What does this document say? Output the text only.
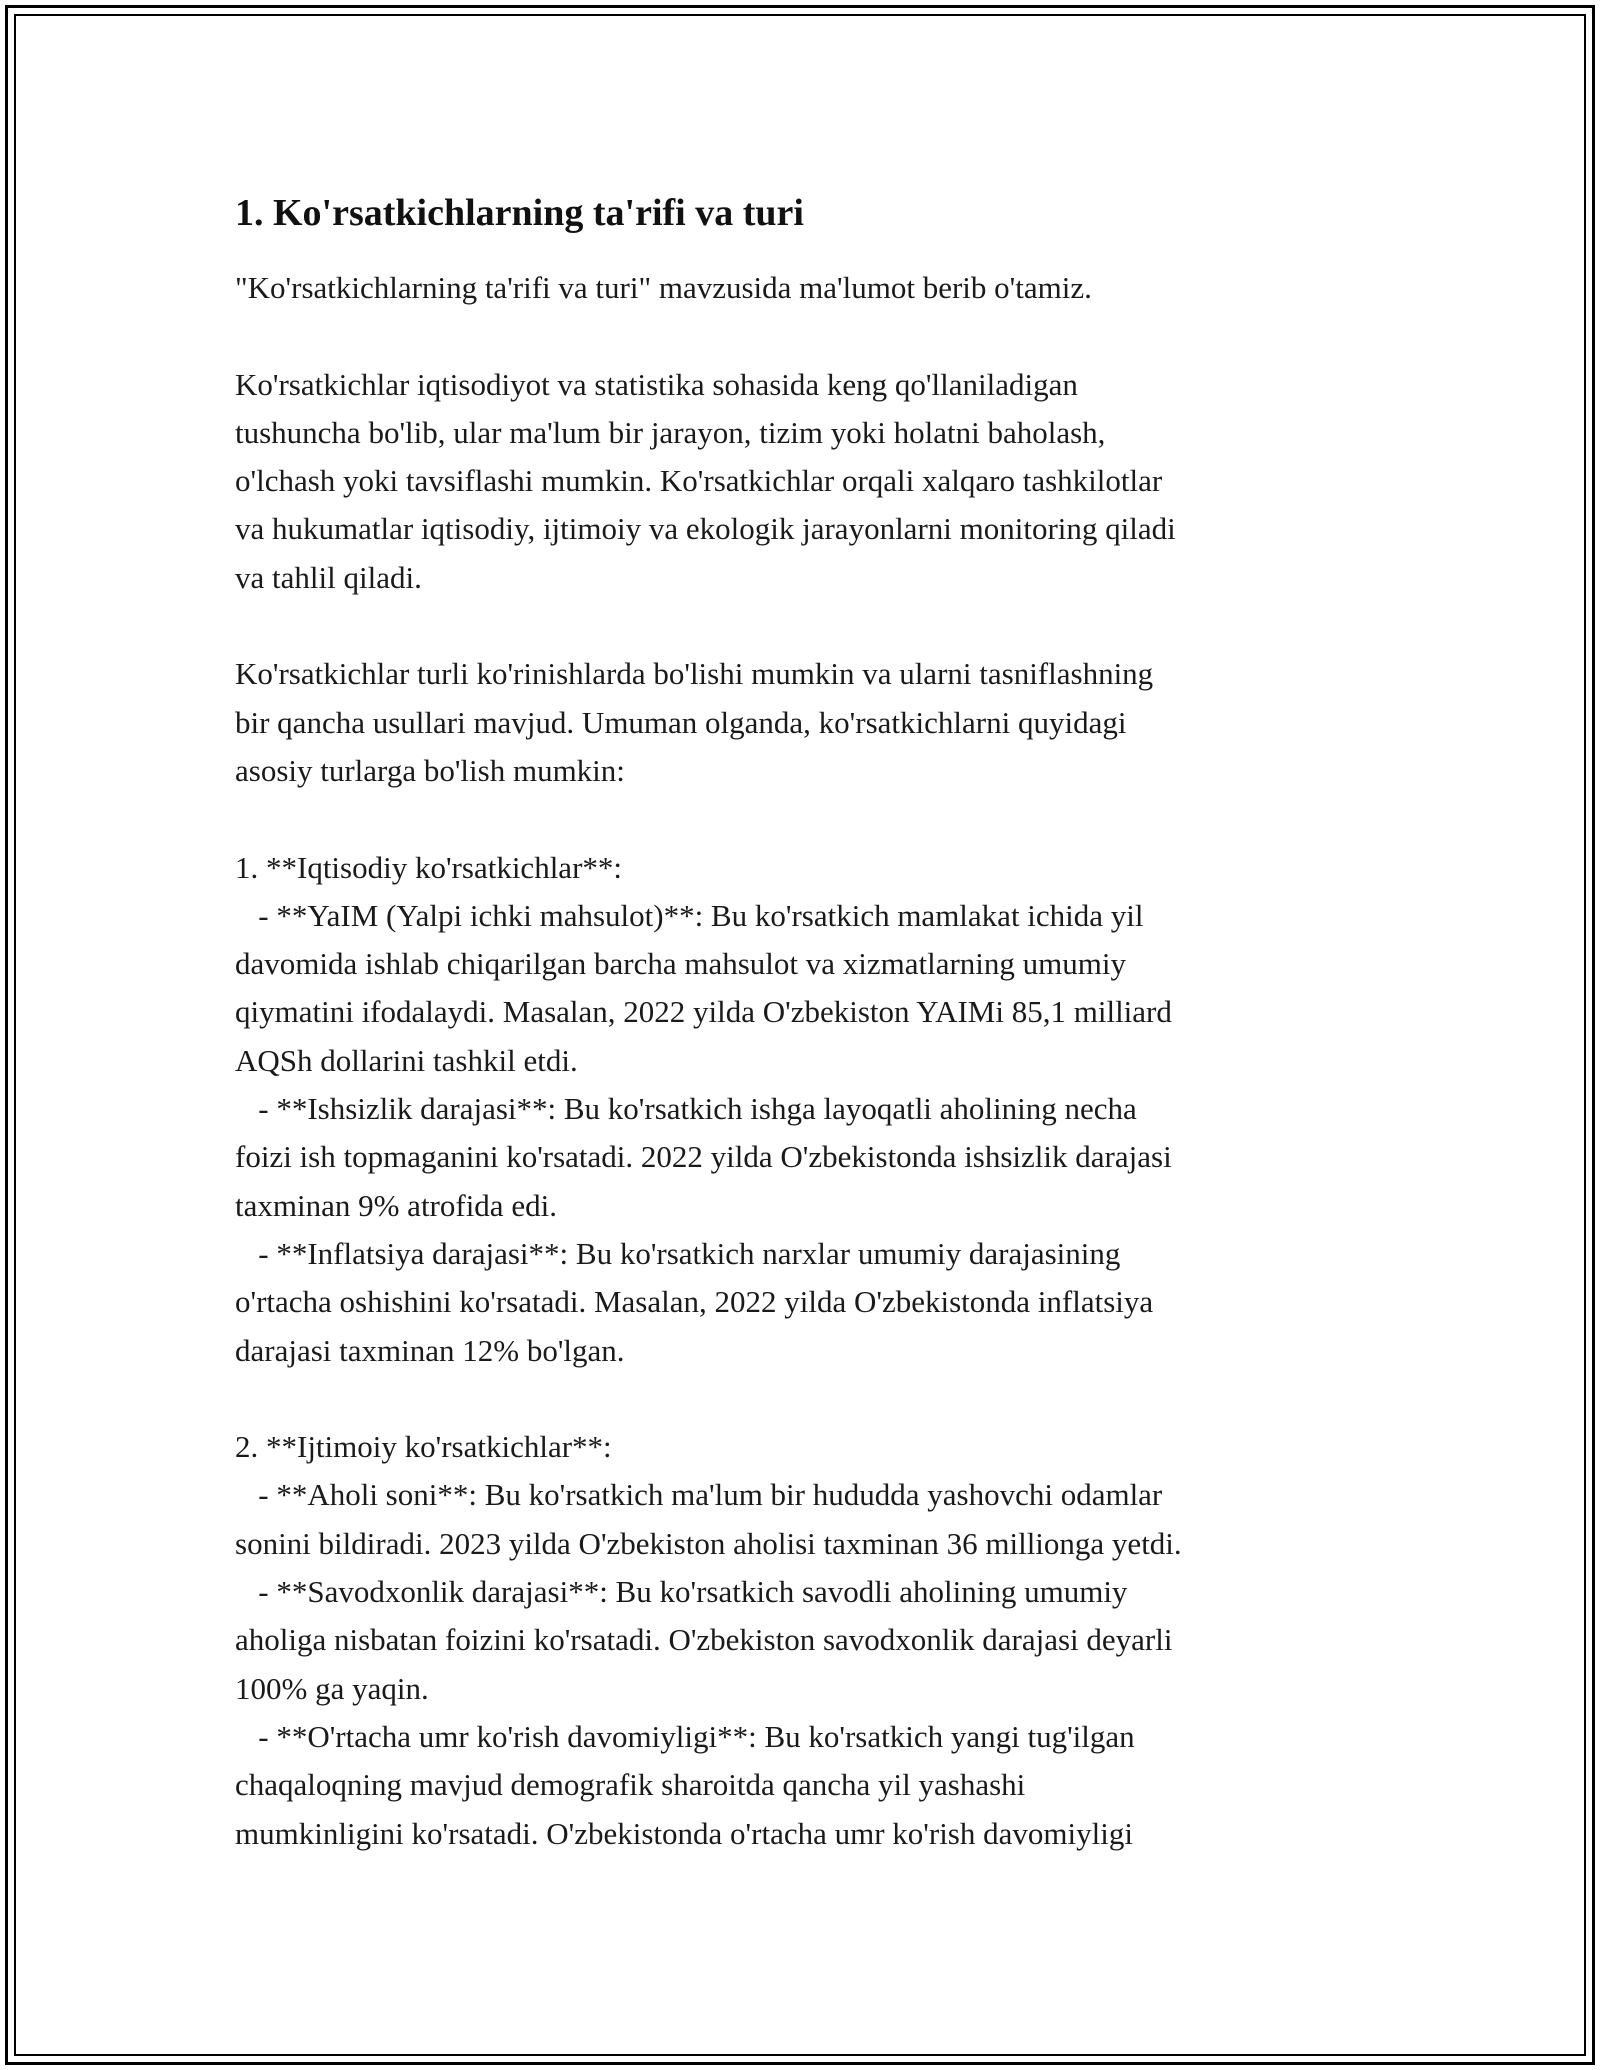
1. Ko'rsatkichlarning ta'rifi va turi
"Ko'rsatkichlarning ta'rifi va turi" mavzusida ma'lumot berib o'tamiz.
Ko'rsatkichlar iqtisodiyot va statistika sohasida keng qo'llaniladigan
tushuncha bo'lib, ular ma'lum bir jarayon, tizim yoki holatni baholash,
o'lchash yoki tavsiflashi mumkin. Ko'rsatkichlar orqali xalqaro tashkilotlar
va hukumatlar iqtisodiy, ijtimoiy va ekologik jarayonlarni monitoring qiladi
va tahlil qiladi.
Ko'rsatkichlar turli ko'rinishlarda bo'lishi mumkin va ularni tasniflashning
bir qancha usullari mavjud. Umuman olganda, ko'rsatkichlarni quyidagi
asosiy turlarga bo'lish mumkin:
1. **Iqtisodiy ko'rsatkichlar**:
- **YaIM (Yalpi ichki mahsulot)**: Bu ko'rsatkich mamlakat ichida yil
davomida ishlab chiqarilgan barcha mahsulot va xizmatlarning umumiy
qiymatini ifodalaydi. Masalan, 2022 yilda O'zbekiston YAIMi 85,1 milliard
AQSh dollarini tashkil etdi.
- **Ishsizlik darajasi**: Bu ko'rsatkich ishga layoqatli aholining necha
foizi ish topmaganini ko'rsatadi. 2022 yilda O'zbekistonda ishsizlik darajasi
taxminan 9% atrofida edi.
- **Inflatsiya darajasi**: Bu ko'rsatkich narxlar umumiy darajasining
o'rtacha oshishini ko'rsatadi. Masalan, 2022 yilda O'zbekistonda inflatsiya
darajasi taxminan 12% bo'lgan.
2. **Ijtimoiy ko'rsatkichlar**:
- **Aholi soni**: Bu ko'rsatkich ma'lum bir hududda yashovchi odamlar
sonini bildiradi. 2023 yilda O'zbekiston aholisi taxminan 36 millionga yetdi.
- **Savodxonlik darajasi**: Bu ko'rsatkich savodli aholining umumiy
aholiga nisbatan foizini ko'rsatadi. O'zbekiston savodxonlik darajasi deyarli
100% ga yaqin.
- **O'rtacha umr ko'rish davomiyligi**: Bu ko'rsatkich yangi tug'ilgan
chaqaloqning mavjud demografik sharoitda qancha yil yashashi
mumkinligini ko'rsatadi. O'zbekistonda o'rtacha umr ko'rish davomiyligi
